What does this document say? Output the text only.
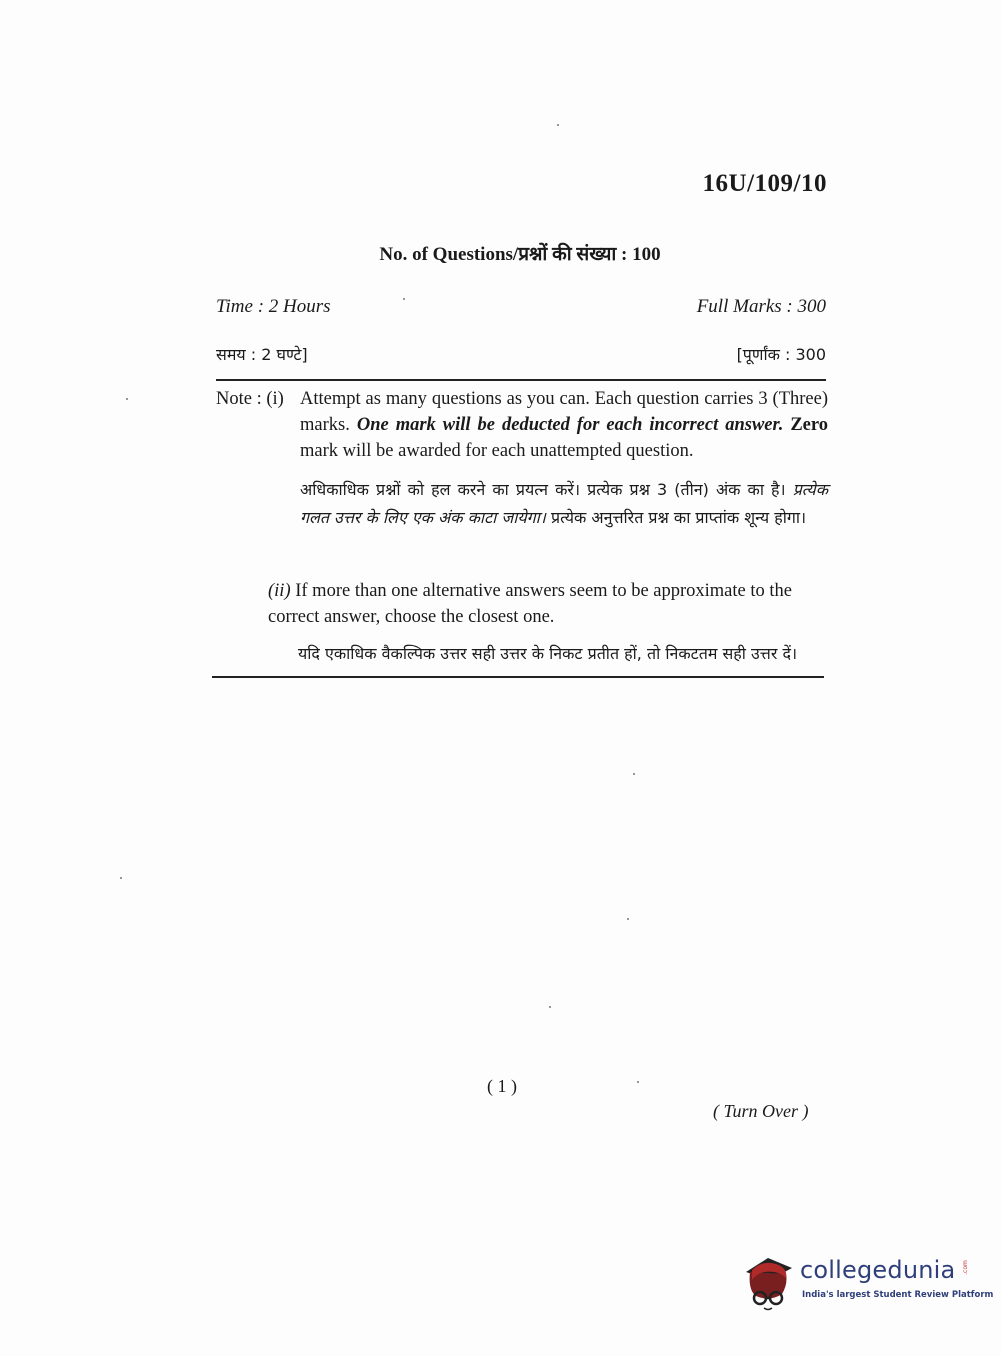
16U/109/10
No. of Questions/प्रश्नों की संख्या : 100
Time : 2 Hours	Full Marks : 300
समय : 2 घण्टे]	[पूर्णांक : 300
Note : (i) Attempt as many questions as you can. Each question carries 3 (Three) marks. One mark will be deducted for each incorrect answer. Zero mark will be awarded for each unattempted question.

अधिकाधिक प्रश्नों को हल करने का प्रयत्न करें। प्रत्येक प्रश्न 3 (तीन) अंक का है। प्रत्येक गलत उत्तर के लिए एक अंक काटा जायेगा। प्रत्येक अनुत्तरित प्रश्न का प्राप्तांक शून्य होगा।

(ii) If more than one alternative answers seem to be approximate to the correct answer, choose the closest one.

यदि एकाधिक वैकल्पिक उत्तर सही उत्तर के निकट प्रतीत हों, तो निकटतम सही उत्तर दें।

( 1 )
( Turn Over )
collegedunia .com
India's largest Student Review Platform
